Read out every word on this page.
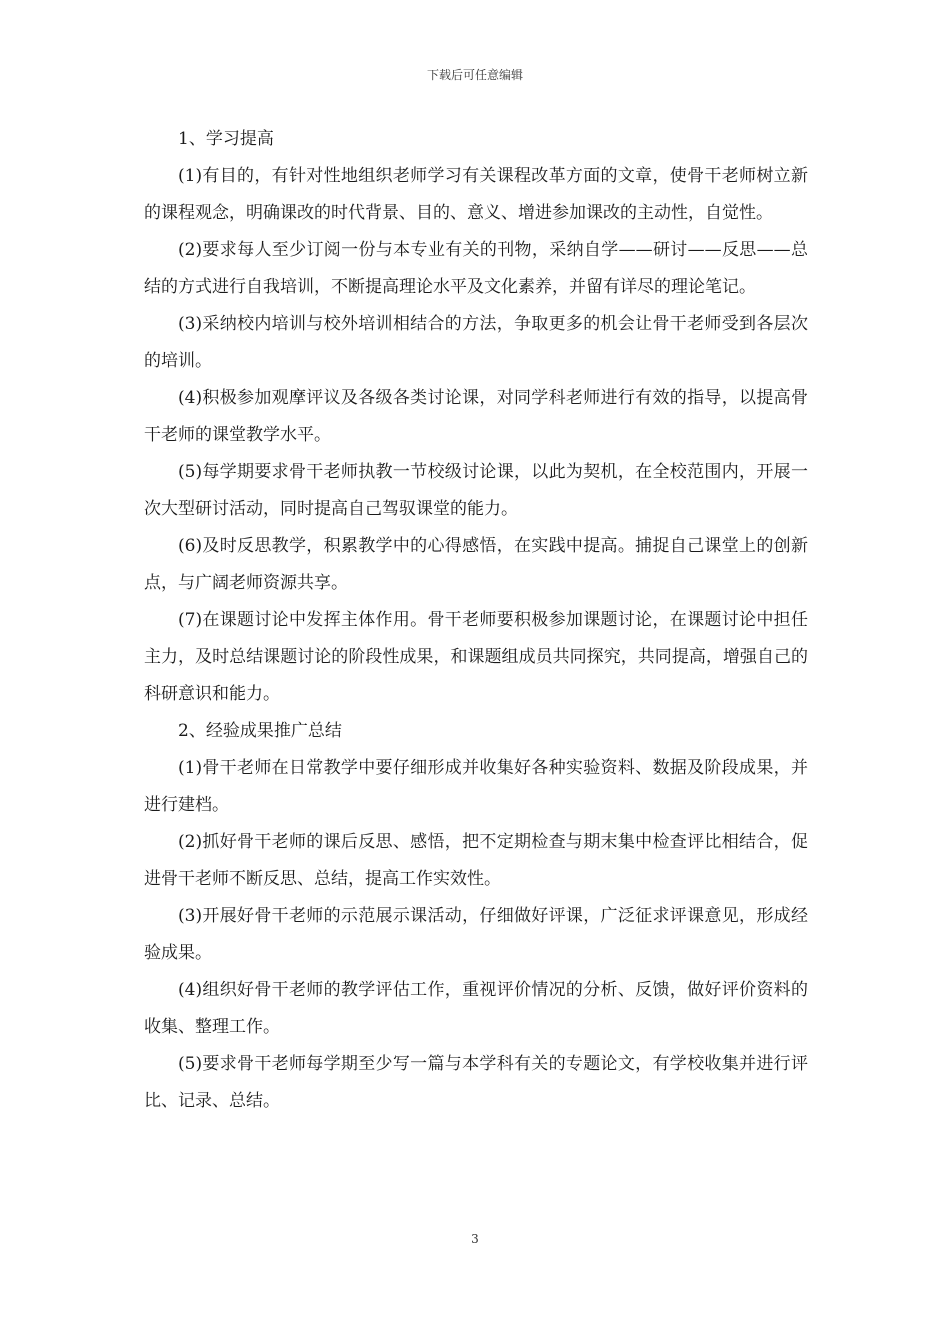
下载后可任意编辑

1、学习提高

(1)有目的，有针对性地组织老师学习有关课程改革方面的文章，使骨干老师树立新的课程观念，明确课改的时代背景、目的、意义、增进参加课改的主动性，自觉性。

(2)要求每人至少订阅一份与本专业有关的刊物，采纳自学——研讨——反思——总结的方式进行自我培训，不断提高理论水平及文化素养，并留有详尽的理论笔记。

(3)采纳校内培训与校外培训相结合的方法，争取更多的机会让骨干老师受到各层次的培训。

(4)积极参加观摩评议及各级各类讨论课，对同学科老师进行有效的指导，以提高骨干老师的课堂教学水平。

(5)每学期要求骨干老师执教一节校级讨论课，以此为契机，在全校范围内，开展一次大型研讨活动，同时提高自己驾驭课堂的能力。

(6)及时反思教学，积累教学中的心得感悟，在实践中提高。捕捉自己课堂上的创新点，与广阔老师资源共享。

(7)在课题讨论中发挥主体作用。骨干老师要积极参加课题讨论，在课题讨论中担任主力，及时总结课题讨论的阶段性成果，和课题组成员共同探究，共同提高，增强自己的科研意识和能力。

2、经验成果推广总结

(1)骨干老师在日常教学中要仔细形成并收集好各种实验资料、数据及阶段成果，并进行建档。

(2)抓好骨干老师的课后反思、感悟，把不定期检查与期末集中检查评比相结合，促进骨干老师不断反思、总结，提高工作实效性。

(3)开展好骨干老师的示范展示课活动，仔细做好评课，广泛征求评课意见，形成经验成果。

(4)组织好骨干老师的教学评估工作，重视评价情况的分析、反馈，做好评价资料的收集、整理工作。

(5)要求骨干老师每学期至少写一篇与本学科有关的专题论文，有学校收集并进行评比、记录、总结。

3
